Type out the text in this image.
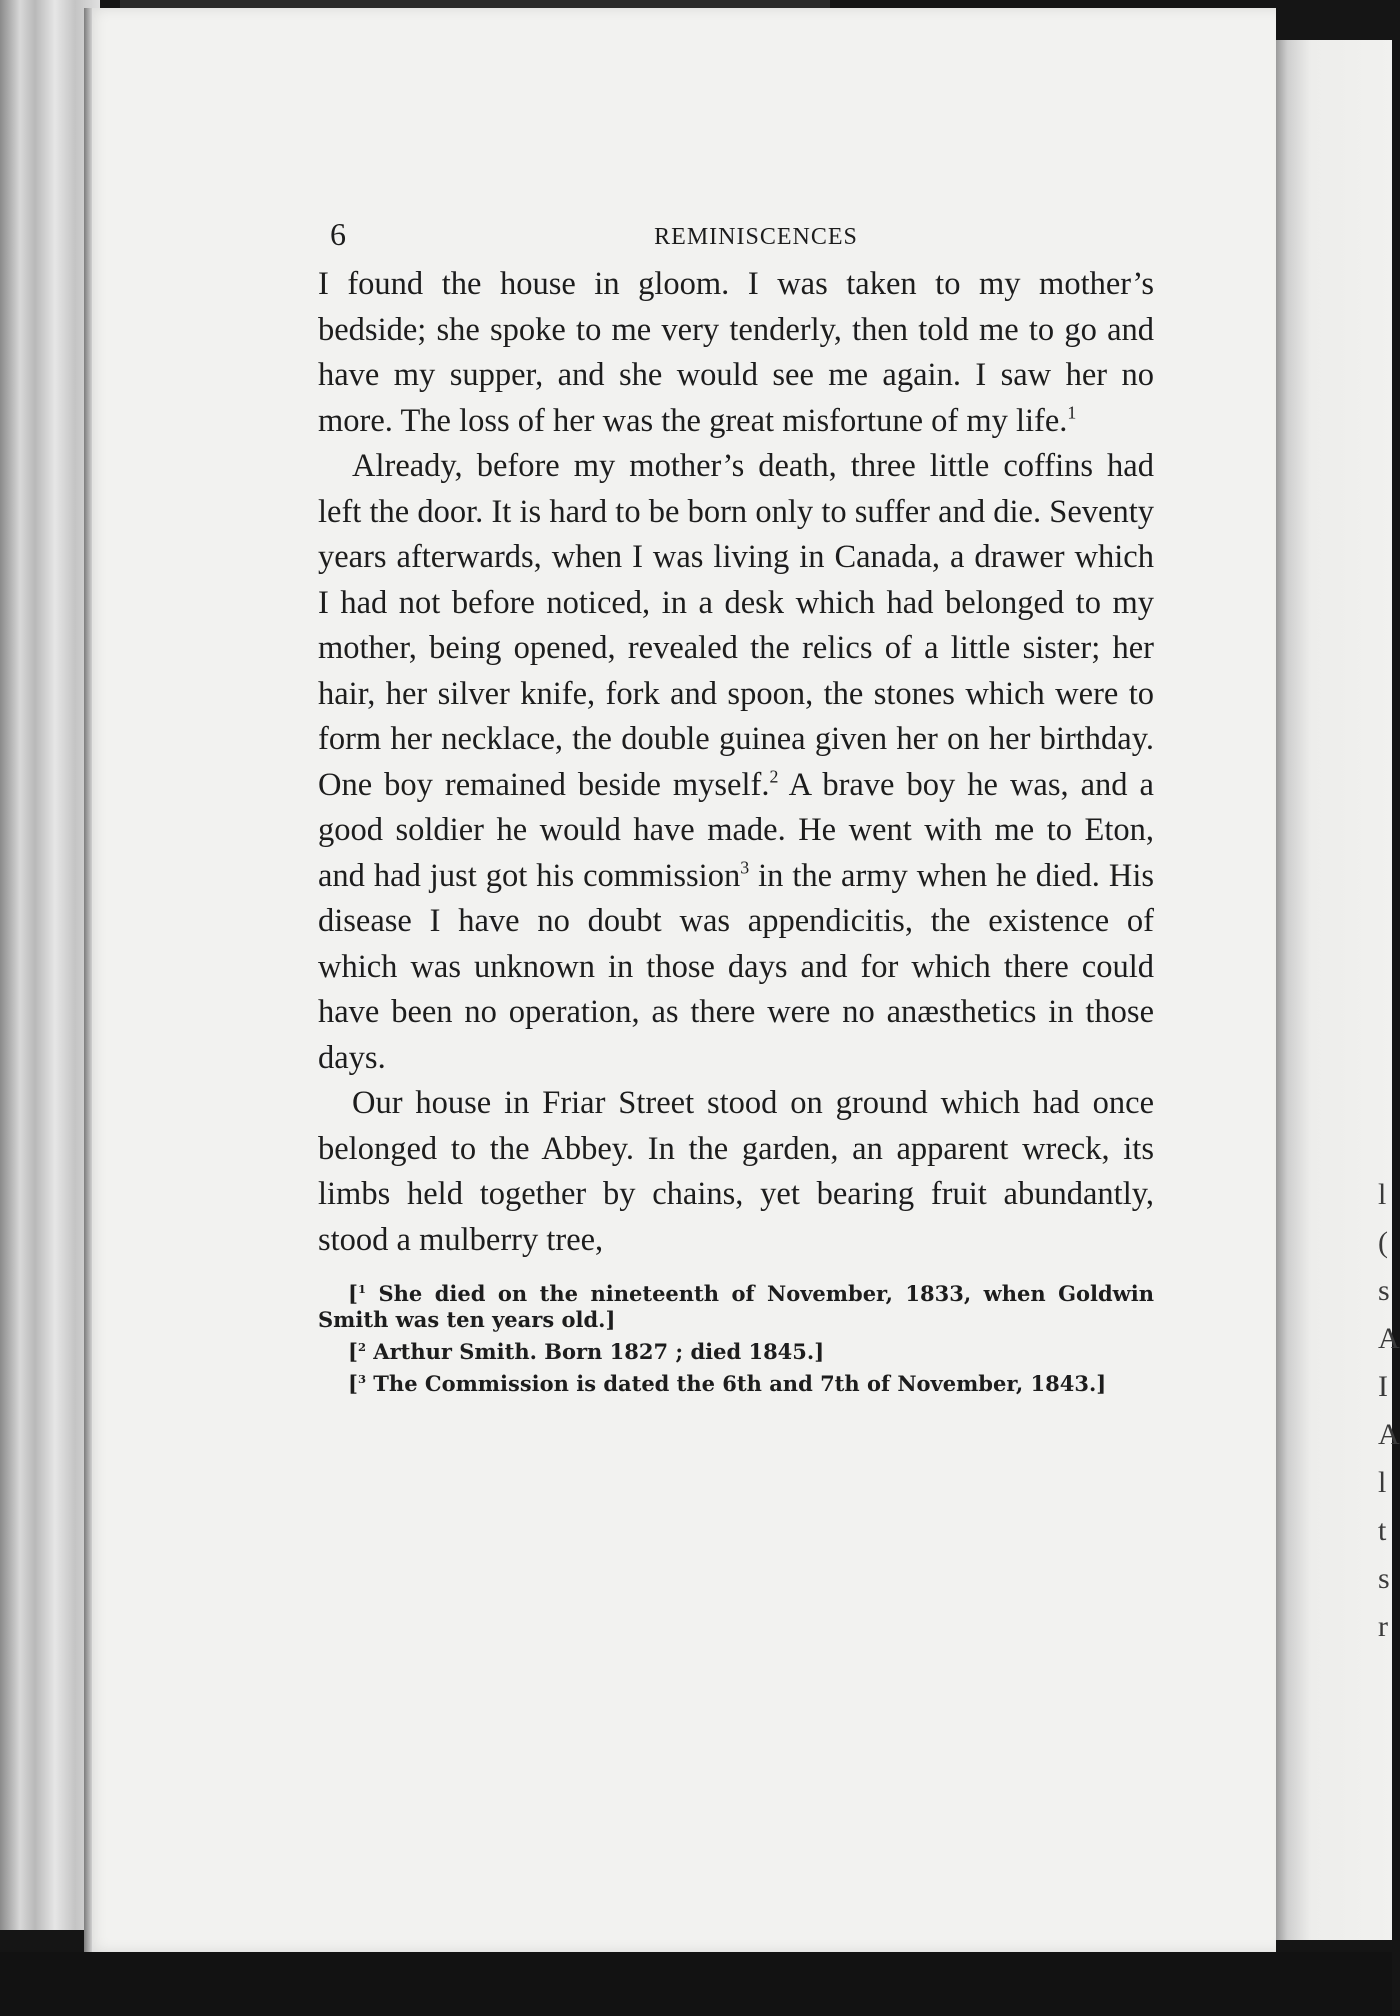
l
(
s
A
I
A
l
t
s
r
6	REMINISCENCES

I found the house in gloom. I was taken to my mother’s bedside; she spoke to me very tenderly, then told me to go and have my supper, and she would see me again. I saw her no more. The loss of her was the great misfortune of my life.$^1$

Already, before my mother’s death, three little coffins had left the door. It is hard to be born only to suffer and die. Seventy years afterwards, when I was living in Canada, a drawer which I had not before noticed, in a desk which had belonged to my mother, being opened, revealed the relics of a little sister; her hair, her silver knife, fork and spoon, the stones which were to form her necklace, the double guinea given her on her birthday. One boy remained beside myself.$^2$ A brave boy he was, and a good soldier he would have made. He went with me to Eton, and had just got his commission$^3$ in the army when he died. His disease I have no doubt was appendicitis, the existence of which was unknown in those days and for which there could have been no operation, as there were no anæsthetics in those days.

Our house in Friar Street stood on ground which had once belonged to the Abbey. In the garden, an apparent wreck, its limbs held together by chains, yet bearing fruit abundantly, stood a mulberry tree,

[$^1$ She died on the nineteenth of November, 1833, when Goldwin Smith was ten years old.]

[$^2$ Arthur Smith. Born 1827 ; died 1845.]

[$^3$ The Commission is dated the 6th and 7th of November, 1843.]
